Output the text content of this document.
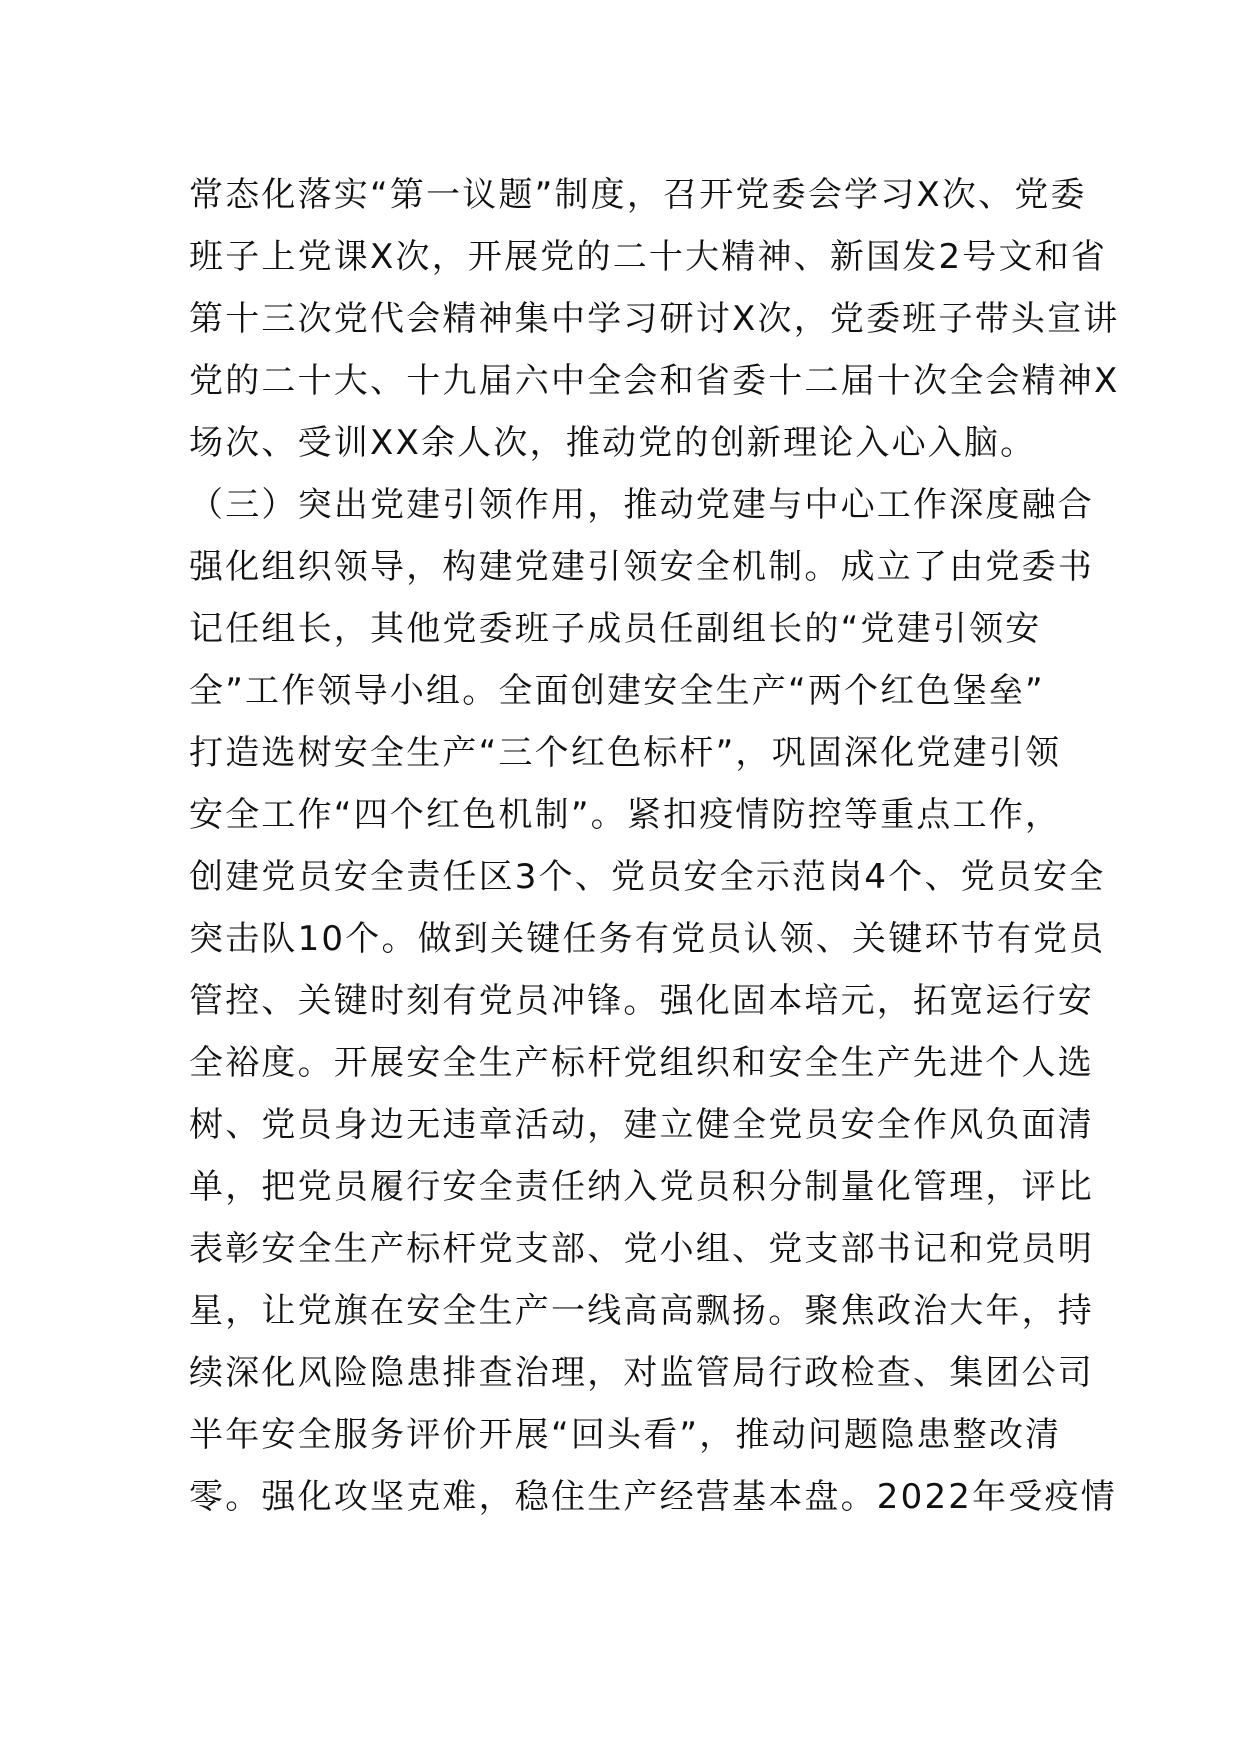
常态化落实“第一议题”制度，召开党委会学习X次、党委
班子上党课X次，开展党的二十大精神、新国发2号文和省
第十三次党代会精神集中学习研讨X次，党委班子带头宣讲
党的二十大、十九届六中全会和省委十二届十次全会精神X
场次、受训XX余人次，推动党的创新理论入心入脑。
（三）突出党建引领作用，推动党建与中心工作深度融合
强化组织领导，构建党建引领安全机制。成立了由党委书
记任组长，其他党委班子成员任副组长的“党建引领安
全”工作领导小组。全面创建安全生产“两个红色堡垒”
打造选树安全生产“三个红色标杆”，巩固深化党建引领
安全工作“四个红色机制”。紧扣疫情防控等重点工作，
创建党员安全责任区3个、党员安全示范岗4个、党员安全
突击队10个。做到关键任务有党员认领、关键环节有党员
管控、关键时刻有党员冲锋。强化固本培元，拓宽运行安
全裕度。开展安全生产标杆党组织和安全生产先进个人选
树、党员身边无违章活动，建立健全党员安全作风负面清
单，把党员履行安全责任纳入党员积分制量化管理，评比
表彰安全生产标杆党支部、党小组、党支部书记和党员明
星，让党旗在安全生产一线高高飘扬。聚焦政治大年，持
续深化风险隐患排查治理，对监管局行政检查、集团公司
半年安全服务评价开展“回头看”，推动问题隐患整改清
零。强化攻坚克难，稳住生产经营基本盘。2022年受疫情
